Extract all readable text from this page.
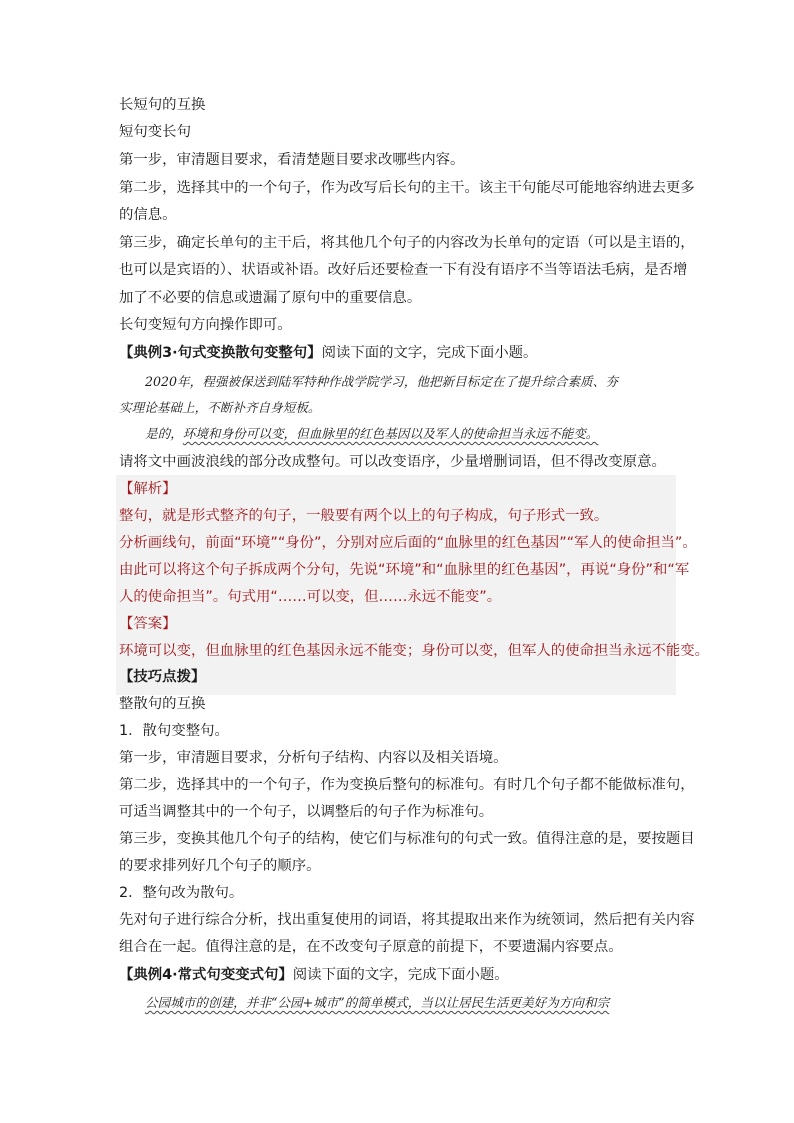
长短句的互换
短句变长句
第一步，审清题目要求，看清楚题目要求改哪些内容。
第二步，选择其中的一个句子，作为改写后长句的主干。该主干句能尽可能地容纳进去更多
的信息。
第三步，确定长单句的主干后，将其他几个句子的内容改为长单句的定语（可以是主语的，
也可以是宾语的）、状语或补语。改好后还要检查一下有没有语序不当等语法毛病，是否增
加了不必要的信息或遗漏了原句中的重要信息。
长句变短句方向操作即可。
【典例3·句式变换散句变整句】阅读下面的文字，完成下面小题。
2020年，程强被保送到陆军特种作战学院学习，他把新目标定在了提升综合素质、夯
实理论基础上，不断补齐自身短板。
是的，环境和身份可以变，但血脉里的红色基因以及军人的使命担当永远不能变。
请将文中画波浪线的部分改成整句。可以改变语序，少量增删词语，但不得改变原意。
【解析】
整句，就是形式整齐的句子，一般要有两个以上的句子构成，句子形式一致。
分析画线句，前面“环境”“身份”，分别对应后面的“血脉里的红色基因”“军人的使命担当”。
由此可以将这个句子拆成两个分句，先说“环境”和“血脉里的红色基因”，再说“身份”和“军
人的使命担当”。句式用“……可以变，但……永远不能变”。
【答案】
环境可以变，但血脉里的红色基因永远不能变；身份可以变，但军人的使命担当永远不能变。
【技巧点拨】
整散句的互换
1．散句变整句。
第一步，审清题目要求，分析句子结构、内容以及相关语境。
第二步，选择其中的一个句子，作为变换后整句的标准句。有时几个句子都不能做标准句，
可适当调整其中的一个句子，以调整后的句子作为标准句。
第三步，变换其他几个句子的结构，使它们与标准句的句式一致。值得注意的是，要按题目
的要求排列好几个句子的顺序。
2．整句改为散句。
先对句子进行综合分析，找出重复使用的词语，将其提取出来作为统领词，然后把有关内容
组合在一起。值得注意的是，在不改变句子原意的前提下，不要遗漏内容要点。
【典例4·常式句变变式句】阅读下面的文字，完成下面小题。
公园城市的创建，并非“公园+城市”的简单模式，当以让居民生活更美好为方向和宗
